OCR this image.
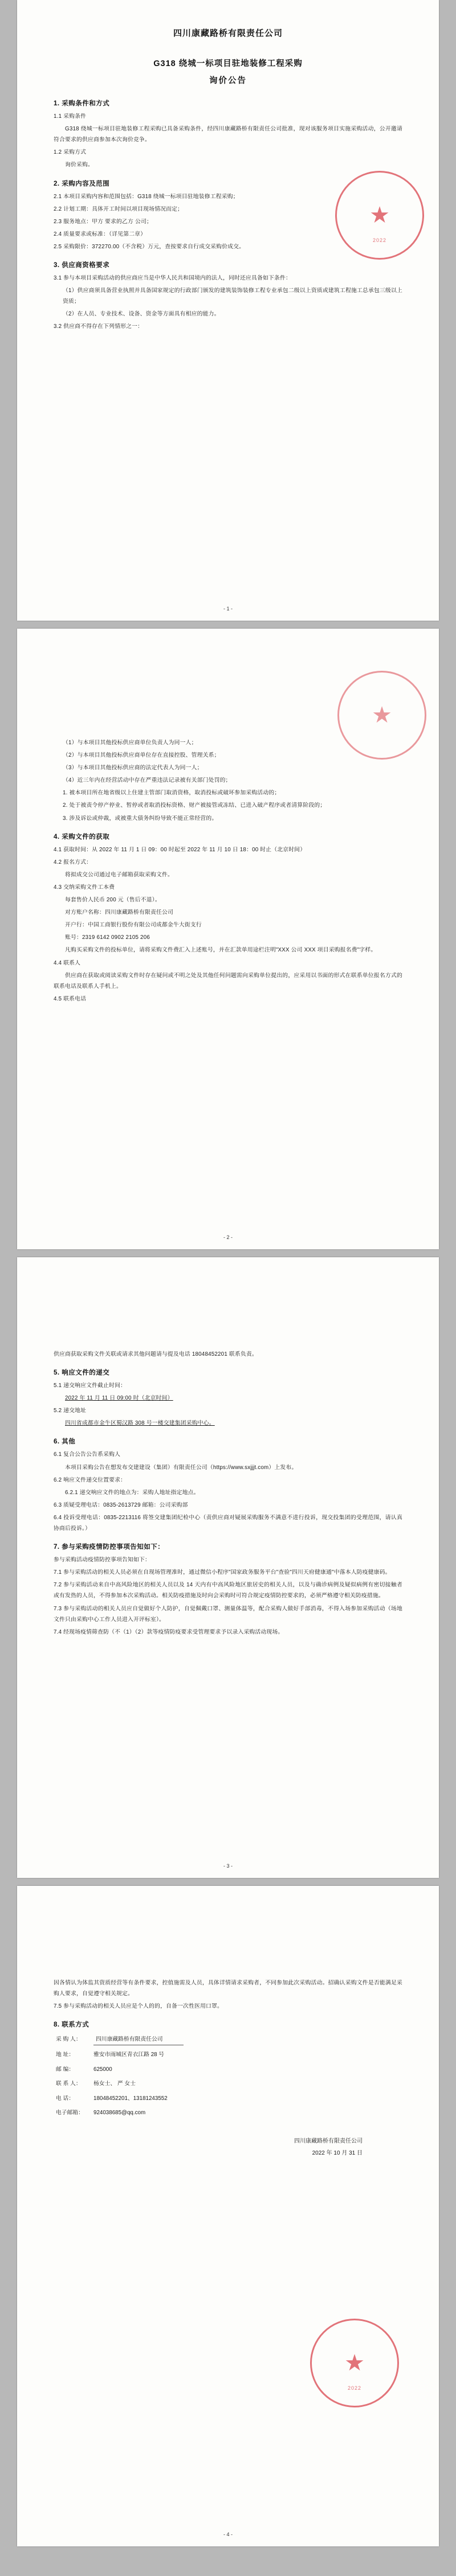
四川康藏路桥有限责任公司
G318 绕城一标项目驻地装修工程采购
询价公告
1. 采购条件和方式

1.1 采购条件

G318 绕城一标项目驻地装修工程采购已具备采购条件，经四川康藏路桥有限责任公司批准，现对该服务项目实施采购活动，公开邀请符合要求的供应商参加本次询价竞争。

1.2 采购方式

询价采购。

2. 采购内容及范围

2.1 本项目采购内容和范围包括：G318 绕城一标项目驻地装修工程采购；

2.2 计划工期：具体开工时间以项目现场情况而定；

2.3 服务地点：甲方 要求的乙方 公司；

2.4 质量要求或标准：（详见第二章）

2.5 采购限价：372270.00（不含税）万元，查按要求自行成交采购价成交。

3. 供应商资格要求

3.1 参与本项目采购活动的供应商应当是中华人民共和国境内的法人，同时还应具备如下条件：

（1）供应商须具备营业执照并具备国家规定的行政部门颁发的建筑装饰装修工程专业承包二级以上资质或建筑工程施工总承包三级以上资质；

（2）在人员、专业技术、设备、资金等方面具有相应的能力。

3.2 供应商不得存在下列情形之一：

★
2022
- 1 -

（1）与本项目其他投标供应商单位负责人为同一人；

（2）与本项目其他投标供应商单位存在直接控股、管理关系；

（3）与本项目其他投标供应商的法定代表人为同一人；

（4）近三年内在经营活动中存在严重违法记录被有关部门处罚的；

1. 被本项目所在地省级以上住建主管部门取消资格，取消投标或破坏参加采购活动的；

2. 处于被责令停产停业、暂停或者取消投标资格、财产被接管或冻结、已进入破产程序或者清算阶段的；

3. 涉及诉讼或仲裁，或被重大债务纠纷导致不能正常经营的。

4. 采购文件的获取

4.1 获取时间：从 2022 年 11 月 1 日 09：00 时起至 2022 年 11 月 10 日 18：00 时止（北京时间）

4.2 报名方式：

将拟成交公司通过电子邮箱获取采购文件。

4.3 交纳采购文件工本费

每套售价人民币 200 元（售后不退）。

对方账户名称：四川康藏路桥有限责任公司

开户行：中国工商银行股份有限公司成都金牛大街支行

账号：2319 6142 0902 2105 206

凡购买采购文件的投标单位，请将采购文件费汇入上述账号，并在汇款单用途栏注明"XXX 公司 XXX 项目采购报名费"字样。

4.4 联系人

供应商在获取或阅读采购文件时存在疑问或不明之处及其他任何问题需向采购单位提出的，应采用以书面的形式在联系单位报名方式的联系电话及联系人手机上。

4.5 联系电话

★
- 2 -

供应商获取采购文件关联或请求其他问题请与提及电话 18048452201 联系负责。

5. 响应文件的递交

5.1 递交响应文件截止时间：

2022 年 11 月 11 日 09:00 时（北京时间）

5.2 递交地址

四川省成都市金牛区蜀汉路 308 号一楼交建集团采购中心。

6. 其他

6.1 复合公告公告系采购人

本项目采购公告在想发布交建建设（集团）有限责任公司（https://www.sxjjjt.com）上发布。

6.2 响应文件递交位置要求：

6.2.1 递交响应文件的地点为：采购人地址指定地点。

6.3 质疑受理电话：0835-2613729 邮箱：公司采购部

6.4 投诉受理电话：0835-2213116 将签交建集团纪检中心（责供应商对疑展采购服务不满意不进行投诉，现交投集团的受理范围，请认真协商后投诉。）

7. 参与采购疫情防控事项告知如下：

参与采购活动疫情防控事项告知如下：

7.1 参与采购活动的相关人员必须在自现场管理准时，通过微信小程序"国家政务服务平台"查验"四川天府健康通"中落本人防疫健康码。

7.2 参与采购活动来自中高风险地区的相关人员以及 14 天内有中高风险地区旅居史的相关人员，以及与确诊病例及疑似病例有密切接触者或有发热的人员，不得参加本次采购活动。相关防疫措施及时向会采购时可符合规定疫情防控要求的，必须严格遵守相关防疫措施。

7.3 参与采购活动的相关人员应自觉做好个人防护，自觉佩戴口罩、测量体温等，配合采购人做好手部消毒，不得入场参加采购活动（场地文件只由采购中心工作人员进入开评标室）。

7.4 经现场疫情筛查防（不（1）（2）款等疫情防疫要求受管理要求予以录入采购活动现场。

- 3 -

因各情认为体监其资质经营等有条件要求，控值施需及人员，具体详情请求采购者，不同参加此次采购活动。招确认采购文件是否能满足采购人要求，自觉遵守相关规定。

7.5 参与采购活动的相关人员应是个人的的，自备一次性医用口罩。

8. 联系方式
采 购 人：	四川康藏路桥有限责任公司
地 址：	雅安市雨城区青衣江路 28 号
邮 编：	625000
联 系 人：	杨女士、 严 女士
电 话：	18048452201、13181243552
电子邮箱：	924038685@qq.com
四川康藏路桥有限责任公司
2022 年 10 月 31 日
★
2022
- 4 -
